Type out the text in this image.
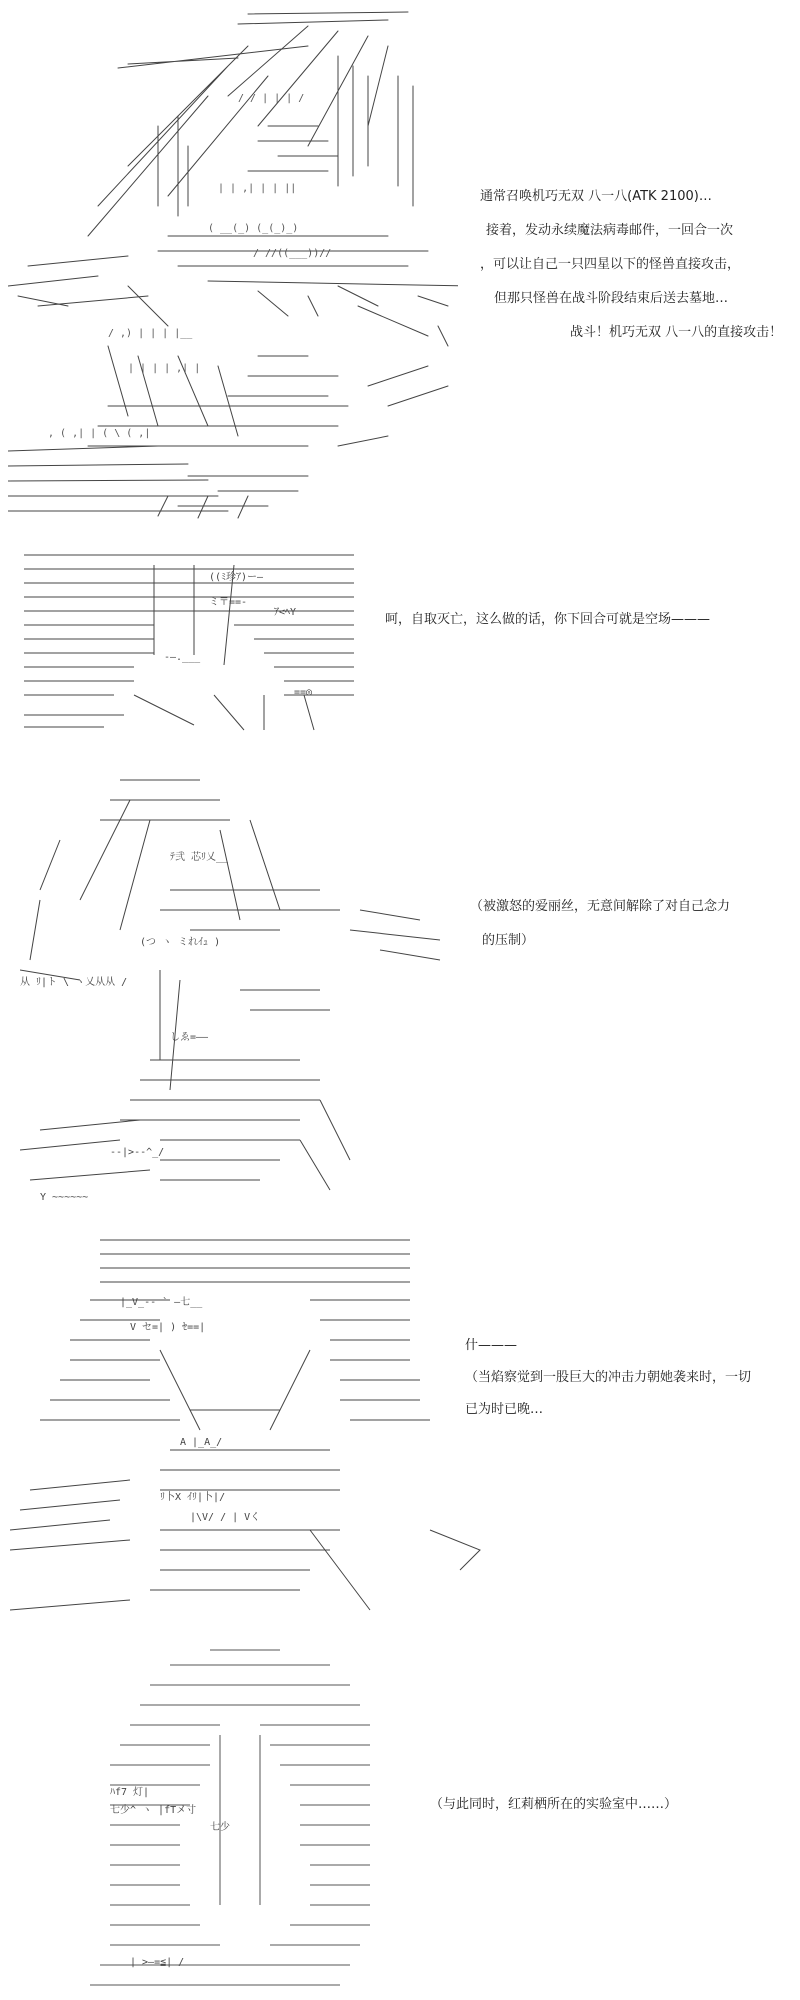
/ / | | | /
| | ,| | | ||
( __(_) (_(_)_)
/ //((___))//
/ ,) | | | |__
| | | | ,| |
, ( ,| | ( \ ( ,|
通常召唤机巧无双 八一八(ATK 2100)…
接着，发动永续魔法病毒邮件，一回合一次
，可以让自己一只四星以下的怪兽直接攻击，
但那只怪兽在战斗阶段结束后送去墓地…
战斗！机巧无双 八一八的直接攻击！
((ﾐ珍ｱ)ー—
ミ〒==-
ｱ<ﾍY
-—.___
==◎
呵，自取灭亡，这么做的话，你下回合可就是空场———
ﾃ弐 芯ﾘ乂__
(つ ヽ ミれｲｭ )
从 ﾘ|ト \ ヽ乂从从 /
しゑ=——
--|>--^_/
Y ~~~~~~
（被激怒的爱丽丝，无意间解除了对自己念力
的压制）
|_V_-- ` —七__
V セ=| ) ｾ==|
A |_A_/
ﾘ卜X ｲﾘ|卜|/
|\V/ / | Vく
什———
（当焰察觉到一股巨大的冲击力朝她袭来时，一切
已为时已晚…
ﾊf7 灯|
七少^ ヽ |fTメ寸
七少
| >—=≦| /
（与此同时，红莉栖所在的实验室中……）
